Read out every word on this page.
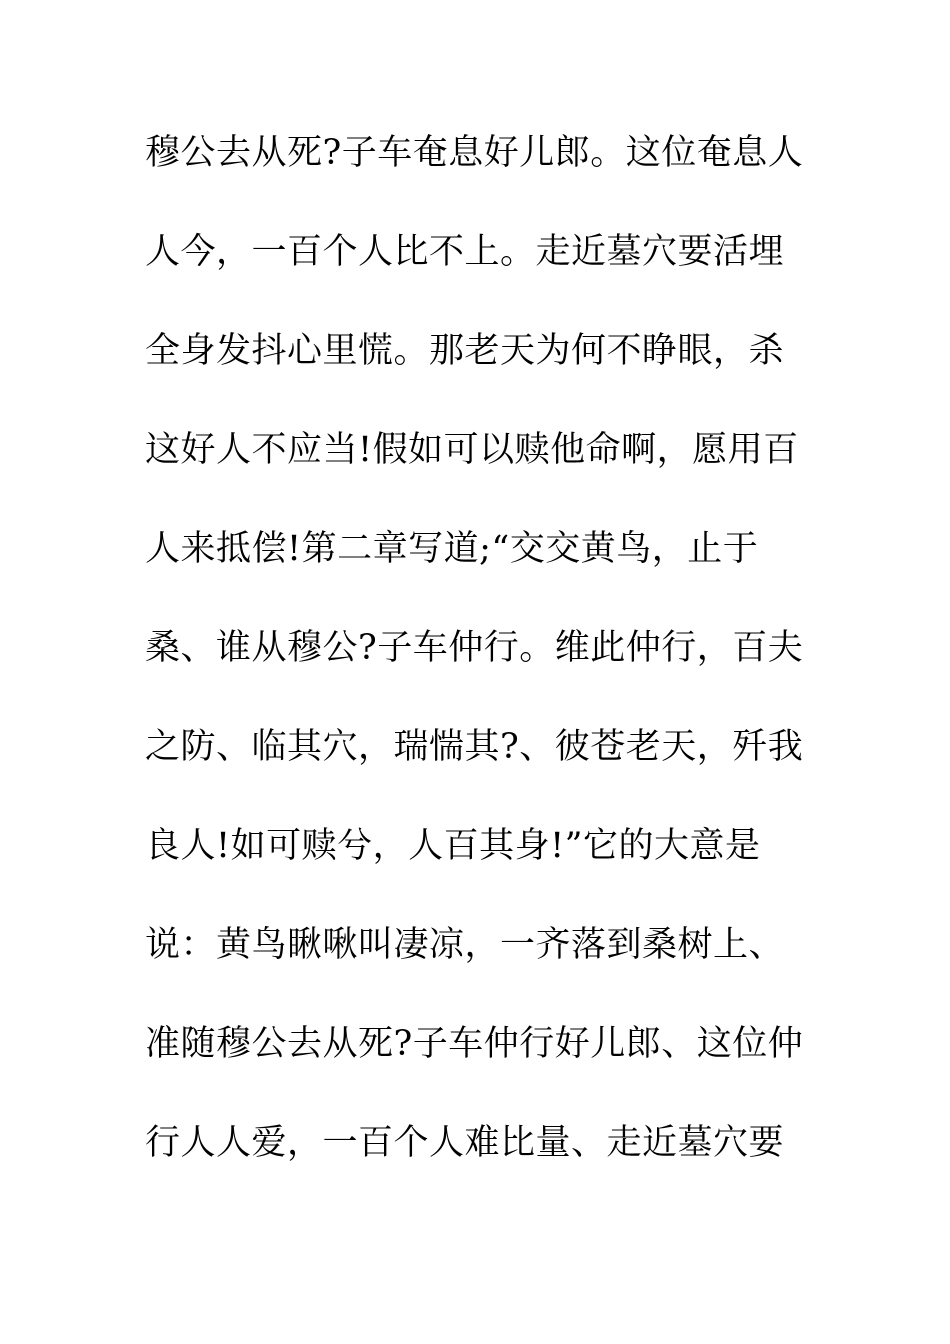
穆公去从死?子车奄息好儿郎。这位奄息人
人今，一百个人比不上。走近墓穴要活埋
全身发抖心里慌。那老天为何不睁眼，杀
这好人不应当!假如可以赎他命啊，愿用百
人来抵偿!第二章写道;“交交黄鸟，止于
桑、谁从穆公?子车仲行。维此仲行，百夫
之防、临其穴，瑞惴其?、彼苍老天，歼我
良人!如可赎兮，人百其身!”它的大意是
说：黄鸟瞅啾叫凄凉，一齐落到桑树上、
准随穆公去从死?子车仲行好儿郎、这位仲
行人人爱，一百个人难比量、走近墓穴要
